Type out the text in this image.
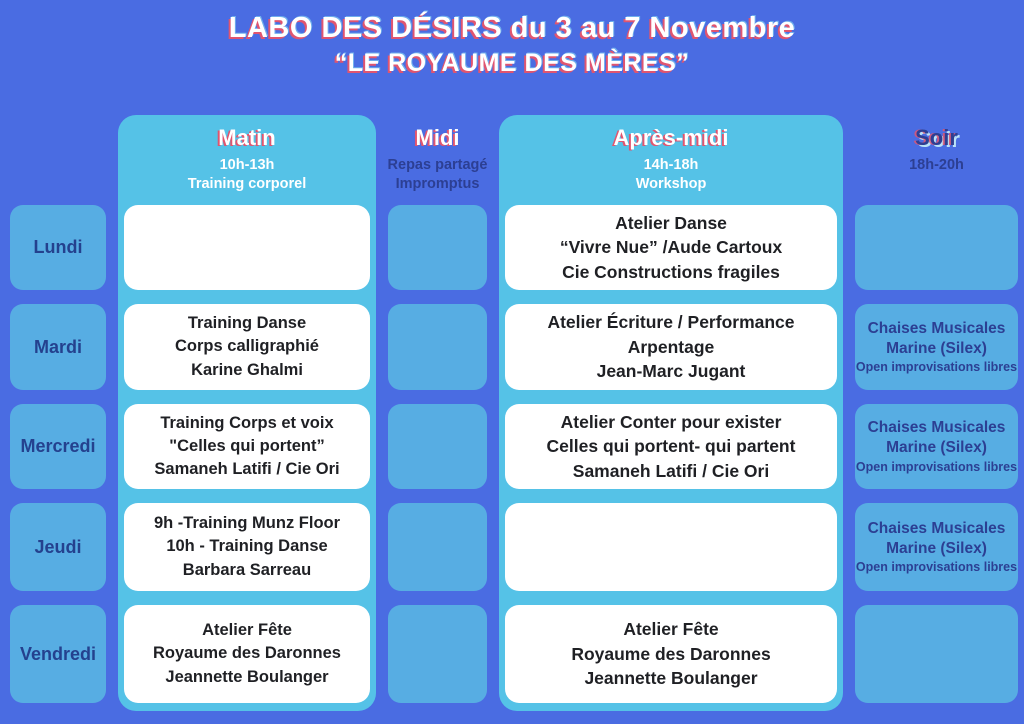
LABO DES DÉSIRS du 3 au 7 Novembre
“LE ROYAUME DES MÈRES”
Lundi
Mardi
Mercredi
Jeudi
Vendredi
Matin
10h-13h
Training corporel
Training Danse
Corps calligraphié
Karine Ghalmi
Training Corps et voix
"Celles qui portent”
Samaneh Latifi / Cie Ori
9h -Training Munz Floor
10h - Training Danse
Barbara Sarreau
Atelier Fête
Royaume des Daronnes
Jeannette Boulanger
Midi
Repas partagé
Impromptus
Après-midi
14h-18h
Workshop
Atelier Danse
“Vivre Nue” /Aude Cartoux
Cie Constructions fragiles
Atelier Écriture / Performance
Arpentage
Jean-Marc Jugant
Atelier Conter pour exister
Celles qui portent- qui partent
Samaneh Latifi / Cie Ori
Atelier Fête
Royaume des Daronnes
Jeannette Boulanger
Soir
18h-20h
Chaises Musicales
Marine (Silex)
Open improvisations libres
Chaises Musicales
Marine (Silex)
Open improvisations libres
Chaises Musicales
Marine (Silex)
Open improvisations libres
